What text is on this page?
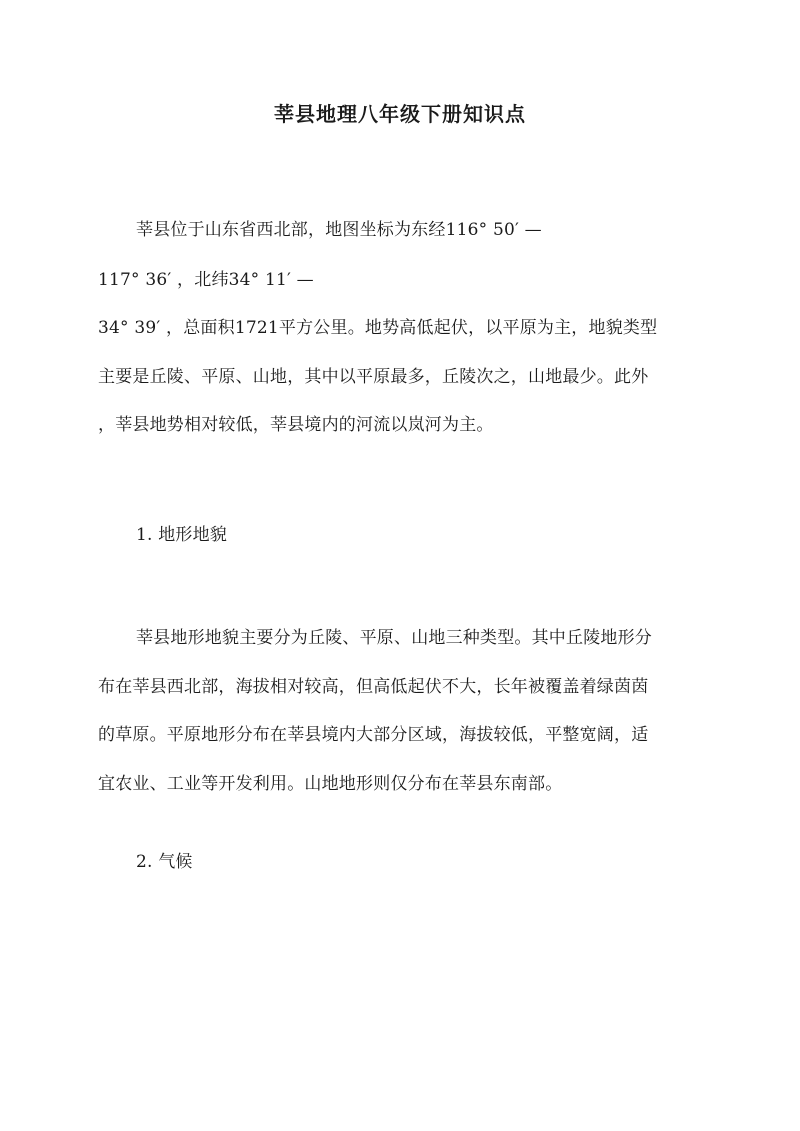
莘县地理八年级下册知识点
莘县位于山东省西北部，地图坐标为东经116° 50′ —
117° 36′ ，北纬34° 11′ —
34° 39′ ，总面积1721平方公里。地势高低起伏，以平原为主，地貌类型
主要是丘陵、平原、山地，其中以平原最多，丘陵次之，山地最少。此外
，莘县地势相对较低，莘县境内的河流以岚河为主。
1. 地形地貌
莘县地形地貌主要分为丘陵、平原、山地三种类型。其中丘陵地形分
布在莘县西北部，海拔相对较高，但高低起伏不大，长年被覆盖着绿茵茵
的草原。平原地形分布在莘县境内大部分区域，海拔较低，平整宽阔，适
宜农业、工业等开发利用。山地地形则仅分布在莘县东南部。
2. 气候
